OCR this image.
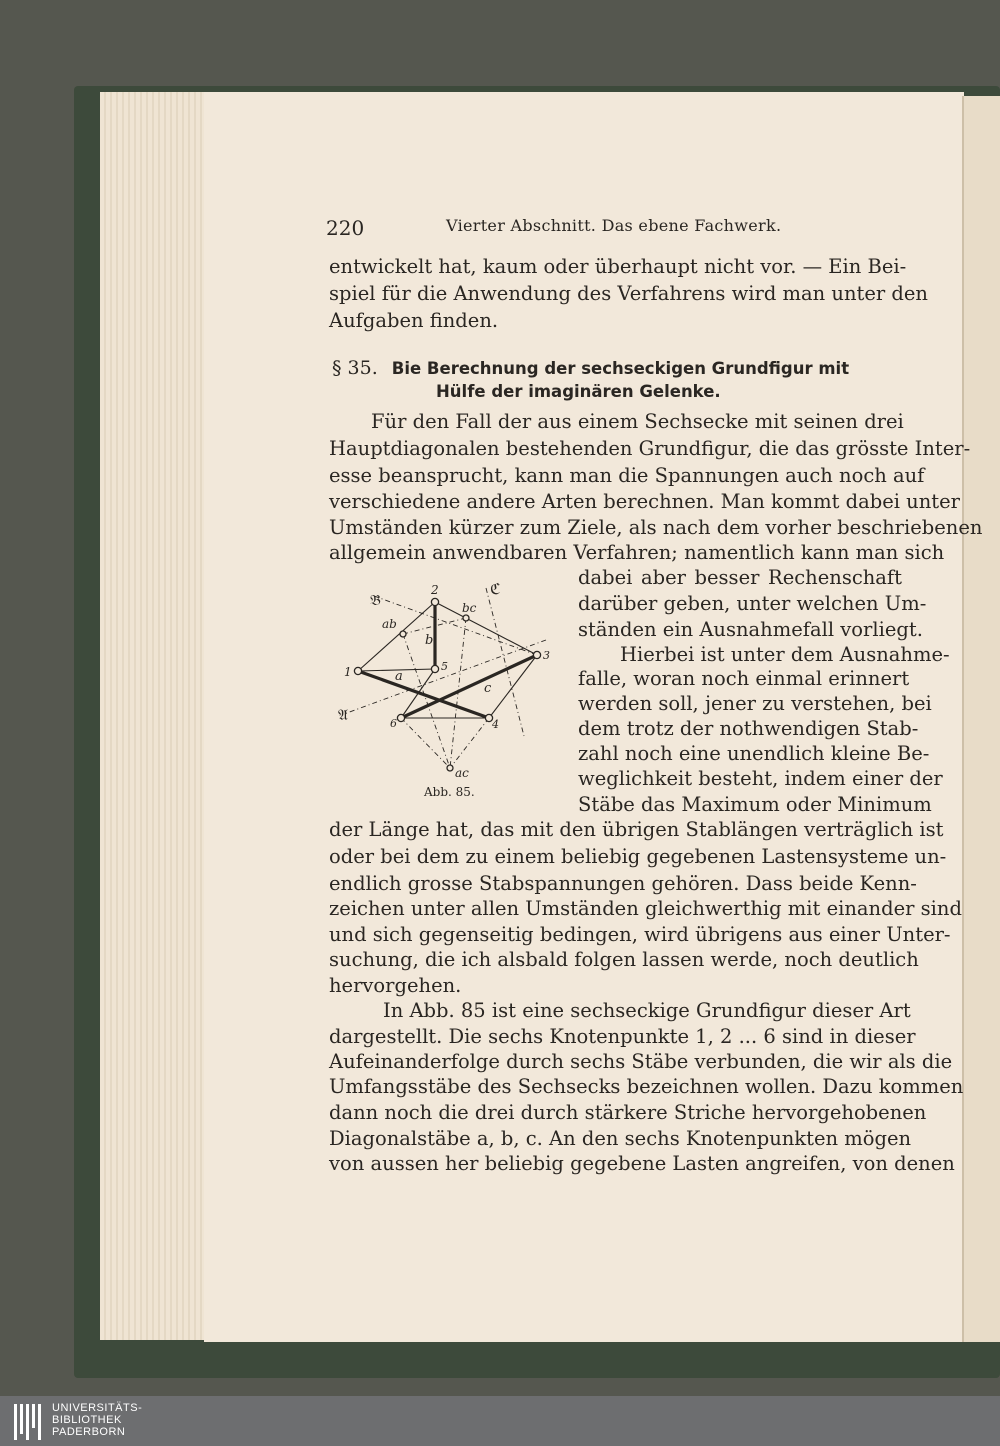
220	Vierter Abschnitt. Das ebene Fachwerk.
entwickelt hat, kaum oder überhaupt nicht vor. — Ein Bei-
spiel für die Anwendung des Verfahrens wird man unter den
Aufgaben finden.
§ 35. Bie Berechnung der sechseckigen Grundfigur mit
Hülfe der imaginären Gelenke.
Für den Fall der aus einem Sechsecke mit seinen drei
Hauptdiagonalen bestehenden Grundfigur, die das grösste Inter-
esse beansprucht, kann man die Spannungen auch noch auf
verschiedene andere Arten berechnen. Man kommt dabei unter
Umständen kürzer zum Ziele, als nach dem vorher beschriebenen
allgemein anwendbaren Verfahren; namentlich kann man sich
dabei aber besser Rechenschaft
darüber geben, unter welchen Um-
ständen ein Ausnahmefall vorliegt.
Hierbei ist unter dem Ausnahme-
falle, woran noch einmal erinnert
werden soll, jener zu verstehen, bei
dem trotz der nothwendigen Stab-
zahl noch eine unendlich kleine Be-
weglichkeit besteht, indem einer der
Stäbe das Maximum oder Minimum
der Länge hat, das mit den übrigen Stablängen verträglich ist
oder bei dem zu einem beliebig gegebenen Lastensysteme un-
endlich grosse Stabspannungen gehören. Dass beide Kenn-
zeichen unter allen Umständen gleichwerthig mit einander sind
und sich gegenseitig bedingen, wird übrigens aus einer Unter-
suchung, die ich alsbald folgen lassen werde, noch deutlich
hervorgehen.
In Abb. 85 ist eine sechseckige Grundfigur dieser Art
dargestellt. Die sechs Knotenpunkte 1, 2 ... 6 sind in dieser
Aufeinanderfolge durch sechs Stäbe verbunden, die wir als die
Umfangsstäbe des Sechsecks bezeichnen wollen. Dazu kommen
dann noch die drei durch stärkere Striche hervorgehobenen
Diagonalstäbe a, b, c. An den sechs Knotenpunkten mögen
von aussen her beliebig gegebene Lasten angreifen, von denen
𝔅
ℭ
𝔄
1
2
3
4
5
6
ab
bc
ac
a
b
c
Abb. 85.
UNIVERSITÄTS-
BIBLIOTHEK
PADERBORN
